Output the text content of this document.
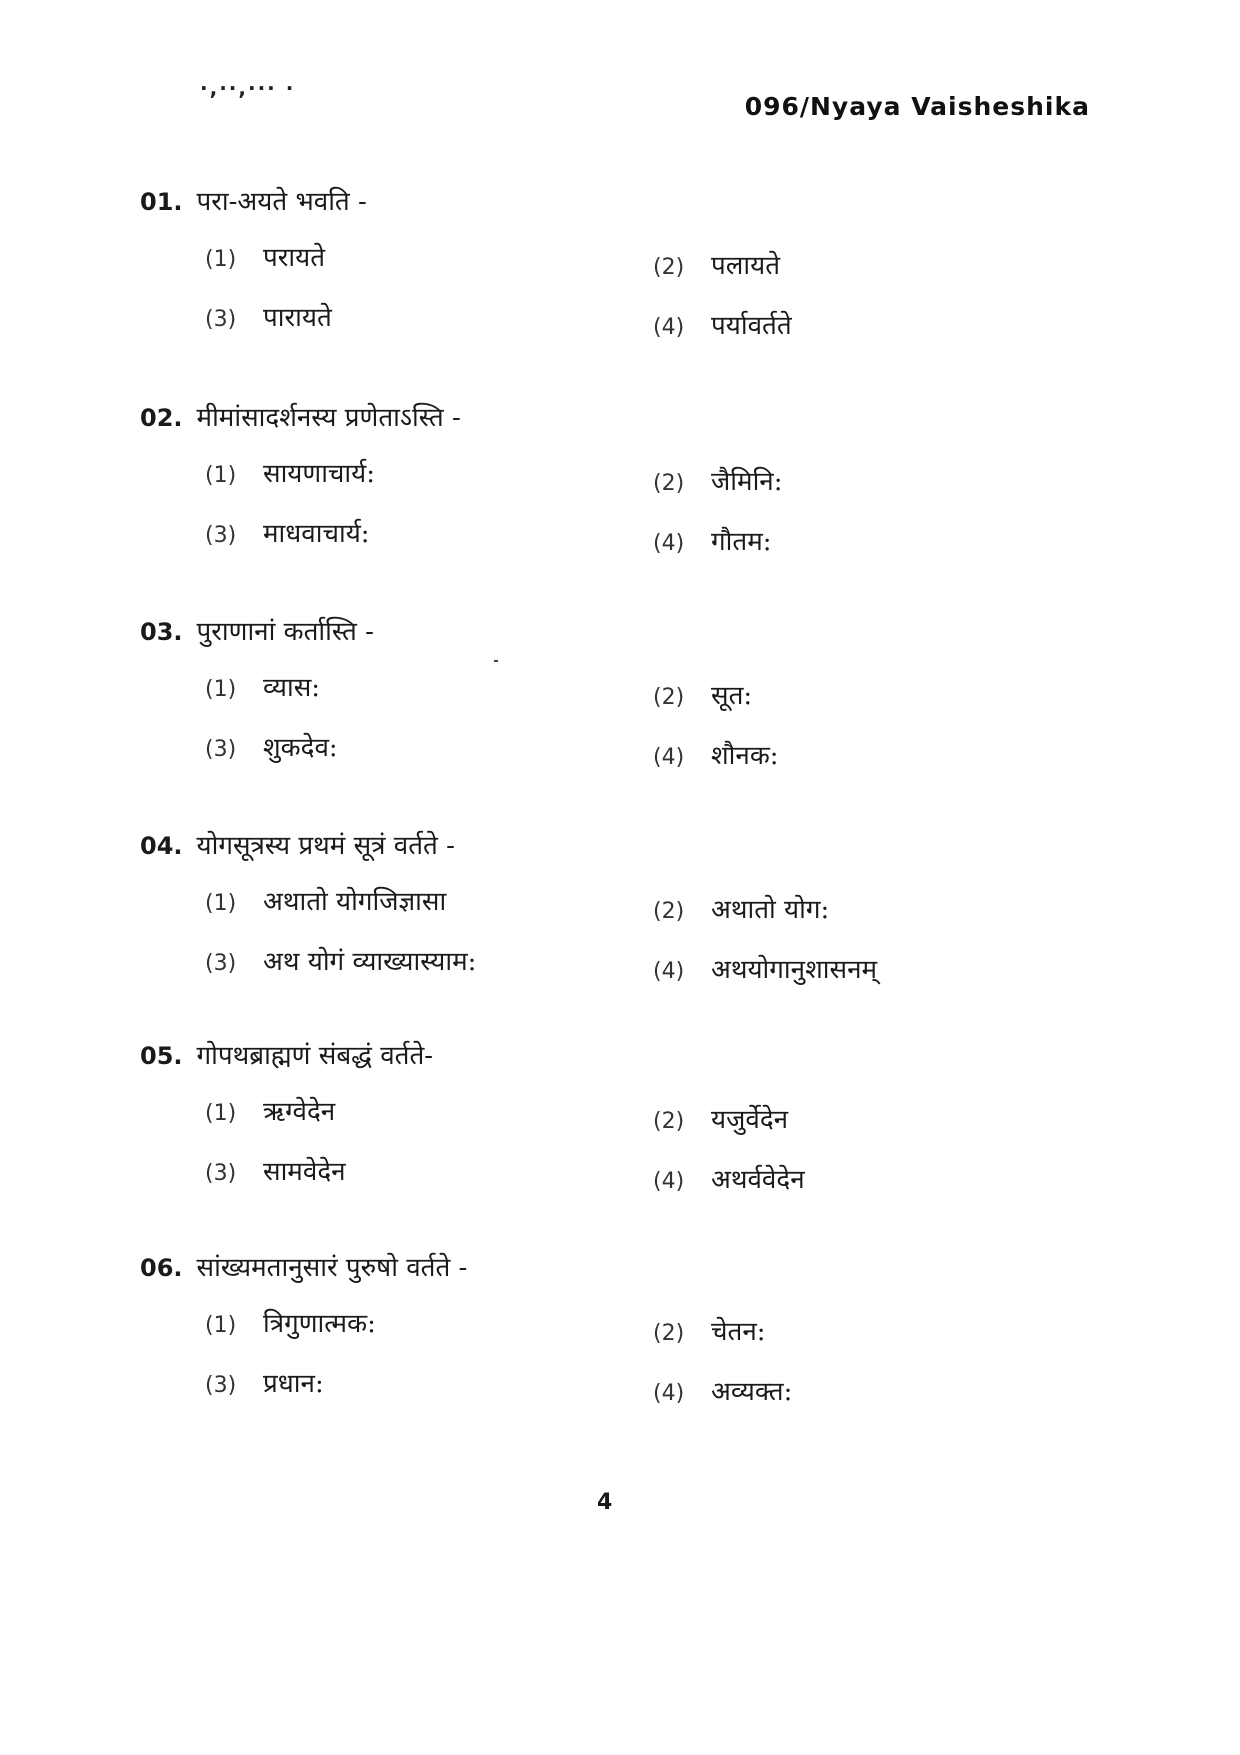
·,··,··· ·
096/Nyaya Vaisheshika
01. परा-अयते भवति -
(1) परायते	(2) पलायते
(3) पारायते	(4) पर्यावर्तते
02. मीमांसादर्शनस्य प्रणेताऽस्ति -
(1) सायणाचार्य:	(2) जैमिनि:
(3) माधवाचार्य:	(4) गौतम:
03. पुराणानां कर्तास्ति -
(1) व्यास:	(2) सूत:
(3) शुकदेव:	(4) शौनक:
04. योगसूत्रस्य प्रथमं सूत्रं वर्तते -
(1) अथातो योगजिज्ञासा	(2) अथातो योग:
(3) अथ योगं व्याख्यास्याम:	(4) अथयोगानुशासनम्
05. गोपथब्राह्मणं संबद्धं वर्तते-
(1) ऋग्वेदेन	(2) यजुर्वेदेन
(3) सामवेदेन	(4) अथर्ववेदेन
06. सांख्यमतानुसारं पुरुषो वर्तते -
(1) त्रिगुणात्मक:	(2) चेतन:
(3) प्रधान:	(4) अव्यक्त:
4
